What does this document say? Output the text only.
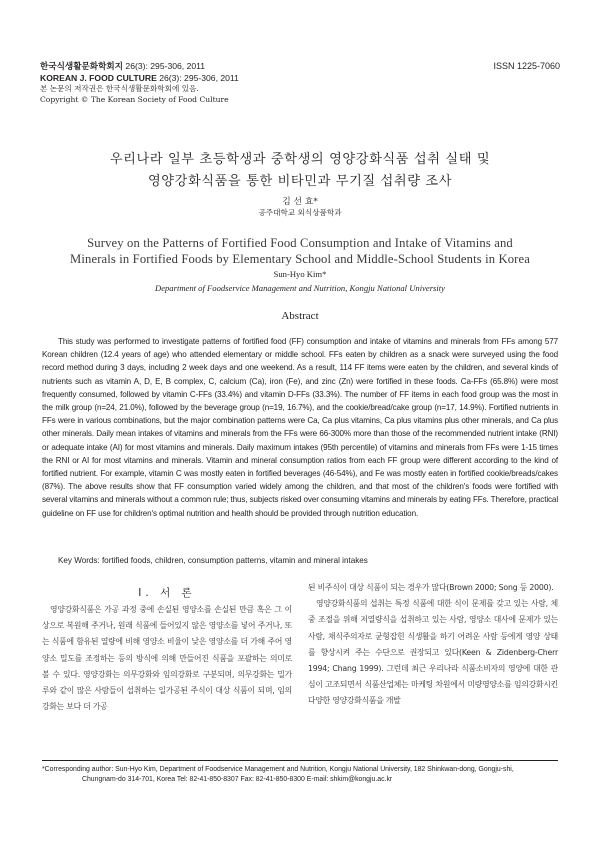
한국식생활문화학회지 26(3): 295-306, 2011
KOREAN J. FOOD CULTURE 26(3): 295-306, 2011
본 논문의 저작권은 한국식생활문화학회에 있음.
Copyright © The Korean Society of Food Culture
ISSN 1225-7060
우리나라 일부 초등학생과 중학생의 영양강화식품 섭취 실태 및
영양강화식품을 통한 비타민과 무기질 섭취량 조사
김 선 효*
공주대학교 외식상품학과
Survey on the Patterns of Fortified Food Consumption and Intake of Vitamins and
Minerals in Fortified Foods by Elementary School and Middle-School Students in Korea
Sun-Hyo Kim*
Department of Foodservice Management and Nutrition, Kongju National University
Abstract

This study was performed to investigate patterns of fortified food (FF) consumption and intake of vitamins and minerals from FFs among 577 Korean children (12.4 years of age) who attended elementary or middle school. FFs eaten by children as a snack were surveyed using the food record method during 3 days, including 2 week days and one weekend. As a result, 114 FF items were eaten by the children, and several kinds of nutrients such as vitamin A, D, E, B complex, C, calcium (Ca), iron (Fe), and zinc (Zn) were fortified in these foods. Ca-FFs (65.8%) were most frequently consumed, followed by vitamin C-FFs (33.4%) and vitamin D-FFs (33.3%). The number of FF items in each food group was the most in the milk group (n=24, 21.0%), followed by the beverage group (n=19, 16.7%), and the cookie/bread/cake group (n=17, 14.9%). Fortified nutrients in FFs were in various combinations, but the major combination patterns were Ca, Ca plus vitamins, Ca plus vitamins plus other minerals, and Ca plus other minerals. Daily mean intakes of vitamins and minerals from the FFs were 66-300% more than those of the recommended nutrient intake (RNI) or adequate intake (AI) for most vitamins and minerals. Daily maximum intakes (95th percentile) of vitamins and minerals from FFs were 1-15 times the RNI or AI for most vitamins and minerals. Vitamin and mineral consumption ratios from each FF group were different according to the kind of fortified nutrient. For example, vitamin C was mostly eaten in fortified beverages (46-54%), and Fe was mostly eaten in fortified cookie/breads/cakes (87%). The above results show that FF consumption varied widely among the children, and that most of the children's foods were fortified with several vitamins and minerals without a common rule; thus, subjects risked over consuming vitamins and minerals by eating FFs. Therefore, practical guideline on FF use for children's optimal nutrition and health should be provided through nutrition education.

Key Words: fortified foods, children, consumption patterns, vitamin and mineral intakes
I. 서 론

영양강화식품은 가공 과정 중에 손실된 영양소를 손실된 만큼 혹은 그 이상으로 복원해 주거나, 원래 식품에 들어있지 않은 영양소를 넣어 주거나, 또는 식품에 함유된 열량에 비해 영양소 비율이 낮은 영양소를 더 가해 주어 영양소 밀도를 조정하는 등의 방식에 의해 만들어진 식품을 포괄하는 의미로 볼 수 있다. 영양강화는 의무강화와 임의강화로 구분되며, 의무강화는 밀가루와 같이 많은 사람들이 섭취하는 일가공된 주식이 대상 식품이 되며, 임의강화는 보다 더 가공

된 비주식이 대상 식품이 되는 경우가 많다(Brown 2000; Song 등 2000).
영양강화식품의 섭취는 특정 식품에 대한 식이 문제를 갖고 있는 사람, 체중 조절을 위해 저열량식을 섭취하고 있는 사람, 영양소 대사에 문제가 있는 사람, 채식주의자로 균형잡힌 식생활을 하기 어려운 사람 등에게 영양 상태를 향상시켜 주는 수단으로 권장되고 있다(Keen & Zidenberg-Cherr 1994; Chang 1999). 그런데 최근 우리나라 식품소비자의 영양에 대한 관심이 고조되면서 식품산업체는 마케팅 차원에서 미량영양소를 임의강화시킨 다양한 영양강화식품을 개발
*Corresponding author: Sun-Hyo Kim, Department of Foodservice Management and Nutrition, Kongju National University, 182 Shinkwan-dong, Gongju-shi,
Chungnam-do 314-701, Korea Tel: 82-41-850-8307 Fax: 82-41-850-8300 E-mail: shkim@kongju.ac.kr
